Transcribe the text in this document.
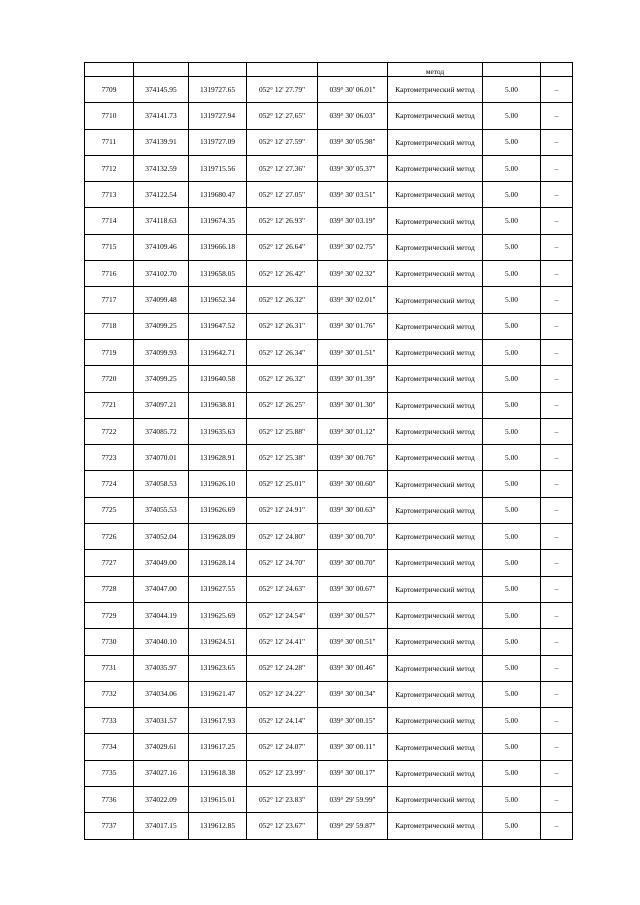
					метод		
7709	374145.95	1319727.65	052° 12' 27.79"	039° 30' 06.01"	Картометрический метод	5.00	–
7710	374141.73	1319727.94	052° 12' 27.65"	039° 30' 06.03"	Картометрический метод	5.00	–
7711	374139.91	1319727.09	052° 12' 27.59"	039° 30' 05.98"	Картометрический метод	5.00	–
7712	374132.59	1319715.56	052° 12' 27.36"	039° 30' 05.37"	Картометрический метод	5.00	–
7713	374122.54	1319680.47	052° 12' 27.05"	039° 30' 03.51"	Картометрический метод	5.00	–
7714	374118.63	1319674.35	052° 12' 26.93"	039° 30' 03.19"	Картометрический метод	5.00	–
7715	374109.46	1319666.18	052° 12' 26.64"	039° 30' 02.75"	Картометрический метод	5.00	–
7716	374102.70	1319658.05	052° 12' 26.42"	039° 30' 02.32"	Картометрический метод	5.00	–
7717	374099.48	1319652.34	052° 12' 26.32"	039° 30' 02.01"	Картометрический метод	5.00	–
7718	374099.25	1319647.52	052° 12' 26.31"	039° 30' 01.76"	Картометрический метод	5.00	–
7719	374099.93	1319642.71	052° 12' 26.34"	039° 30' 01.51"	Картометрический метод	5.00	–
7720	374099.25	1319640.58	052° 12' 26.32"	039° 30' 01.39"	Картометрический метод	5.00	–
7721	374097.21	1319638.81	052° 12' 26.25"	039° 30' 01.30"	Картометрический метод	5.00	–
7722	374085.72	1319635.63	052° 12' 25.88"	039° 30' 01.12"	Картометрический метод	5.00	–
7723	374070.01	1319628.91	052° 12' 25.38"	039° 30' 00.76"	Картометрический метод	5.00	–
7724	374058.53	1319626.10	052° 12' 25.01"	039° 30' 00.60"	Картометрический метод	5.00	–
7725	374055.53	1319626.69	052° 12' 24.91"	039° 30' 00.63"	Картометрический метод	5.00	–
7726	374052.04	1319628.09	052° 12' 24.80"	039° 30' 00.70"	Картометрический метод	5.00	–
7727	374049.00	1319628.14	052° 12' 24.70"	039° 30' 00.70"	Картометрический метод	5.00	–
7728	374047.00	1319627.55	052° 12' 24.63"	039° 30' 00.67"	Картометрический метод	5.00	–
7729	374044.19	1319625.69	052° 12' 24.54"	039° 30' 00.57"	Картометрический метод	5.00	–
7730	374040.10	1319624.51	052° 12' 24.41"	039° 30' 00.51"	Картометрический метод	5.00	–
7731	374035.97	1319623.65	052° 12' 24.28"	039° 30' 00.46"	Картометрический метод	5.00	–
7732	374034.06	1319621.47	052° 12' 24.22"	039° 30' 00.34"	Картометрический метод	5.00	–
7733	374031.57	1319617.93	052° 12' 24.14"	039° 30' 00.15"	Картометрический метод	5.00	–
7734	374029.61	1319617.25	052° 12' 24.07"	039° 30' 00.11"	Картометрический метод	5.00	–
7735	374027.16	1319618.38	052° 12' 23.99"	039° 30' 00.17"	Картометрический метод	5.00	–
7736	374022.09	1319615.01	052° 12' 23.83"	039° 29' 59.99"	Картометрический метод	5.00	–
7737	374017.15	1319612.85	052° 12' 23.67"	039° 29' 59.87"	Картометрический метод	5.00	–
